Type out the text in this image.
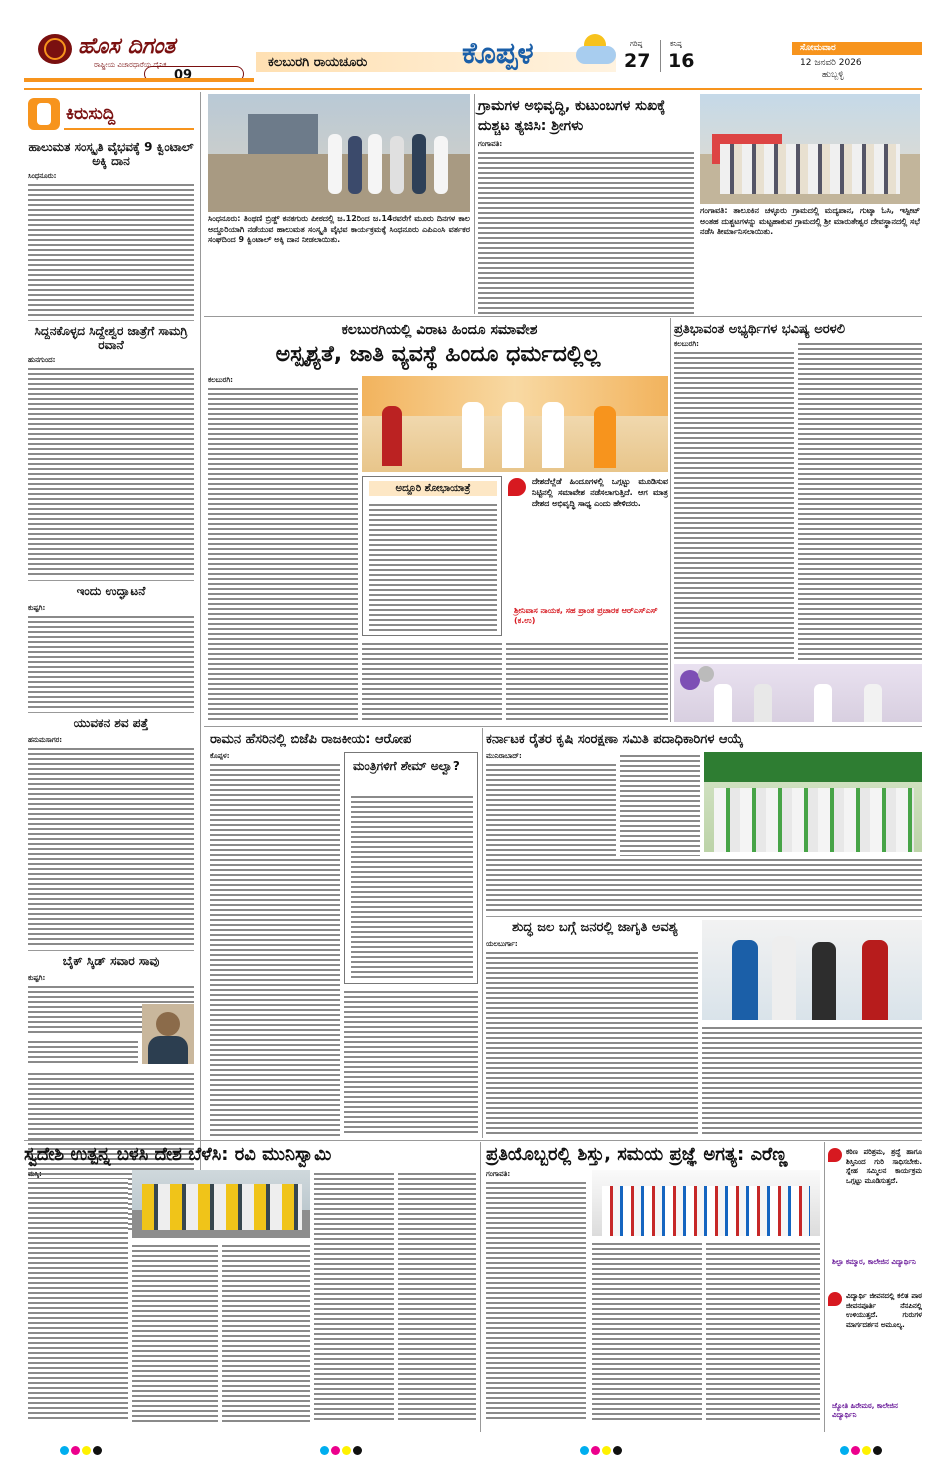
ಹೊಸ ದಿಗಂತ
ರಾಷ್ಟ್ರೀಯ ವಿಚಾರಧಾರೆಯ ದೈನಿಕ
09
ಕಲಬುರಗಿ ರಾಯಚೂರು	ಕೊಪ್ಪಳ	ಗರಿಷ್ಠ
27
ಕನಿಷ್ಠ
16
ಸೋಮವಾರ
12 ಜನವರಿ 2026
ಹುಬ್ಬಳ್ಳಿ
ಕಿರುಸುದ್ದಿ
ಹಾಲುಮತ ಸಂಸ್ಕೃತಿ ವೈಭವಕ್ಕೆ 9 ಕ್ವಿಂಟಾಲ್ ಅಕ್ಕಿ ದಾನ
ಸಿಂಧನೂರು:
ಸಿದ್ದನಕೊಳ್ಳದ ಸಿದ್ದೇಶ್ವರ ಜಾತ್ರೆಗೆ ಸಾಮಗ್ರಿ ರವಾನೆ
ಹುನಗುಂದ:
ಇಂದು ಉದ್ಘಾಟನೆ
ಕುಷ್ಟಗಿ:
ಯುವಕನ ಶವ ಪತ್ತೆ
ಹನುಮಸಾಗರ:
ಬೈಕ್ ಸ್ಕಿಡ್ ಸವಾರ ಸಾವು
ಕುಷ್ಟಗಿ:
ಸಿಂಧನೂರು: ತಿಂಥಣಿ ಬ್ರಿಡ್ಜ್ ಕನಕಗುರು ಪೀಠದಲ್ಲಿ ಜ.12ರಿಂದ ಜ.14ರವರೆಗೆ ಮೂರು ದಿನಗಳ ಕಾಲ ಅದ್ದೂರಿಯಾಗಿ ನಡೆಯುವ ಹಾಲುಮತ ಸಂಸ್ಕೃತಿ ವೈಭವ ಕಾರ್ಯಕ್ರಮಕ್ಕೆ ಸಿಂಧನೂರು ಎಪಿಎಂಸಿ ವರ್ತಕರ ಸಂಘದಿಂದ 9 ಕ್ವಿಂಟಾಲ್ ಅಕ್ಕಿ ದಾನ ನೀಡಲಾಯಿತು.
ಗ್ರಾಮಗಳ ಅಭಿವೃದ್ಧಿ, ಕುಟುಂಬಗಳ ಸುಖಕ್ಕೆ ದುಶ್ಚಟ ತ್ಯಜಿಸಿ: ಶ್ರೀಗಳು
ಗಂಗಾವತಿ:
ಗಂಗಾವತಿ: ತಾಲೂಕಿನ ಚಳ್ಳೂರು ಗ್ರಾಮದಲ್ಲಿ ಮದ್ಯಪಾನ, ಗುಟ್ಕಾ ಓಸಿ, ಇಸ್ಪೀಟ್ ಅಂತಹ ದುಶ್ಚಟಗಳನ್ನು ಮಟ್ಟಹಾಕುವ ಗ್ರಾಮದಲ್ಲಿ ಶ್ರೀ ಮಾರುತೇಶ್ವರ ದೇವಸ್ಥಾನದಲ್ಲಿ ಸಭೆ ನಡೆಸಿ ತೀರ್ಮಾನಿಸಲಾಯಿತು.
ಕಲಬುರಗಿಯಲ್ಲಿ ವಿರಾಟ ಹಿಂದೂ ಸಮಾವೇಶ
ಅಸ್ಪೃಶ್ಯತೆ, ಜಾತಿ ವ್ಯವಸ್ಥೆ ಹಿಂದೂ ಧರ್ಮದಲ್ಲಿಲ್ಲ
ಕಲಬುರಗಿ:
ಅದ್ದೂರಿ ಶೋಭಾಯಾತ್ರೆ
ದೇಶದೆಲ್ಲೆಡೆ ಹಿಂದೂಗಳಲ್ಲಿ ಒಗ್ಗಟ್ಟು ಮೂಡಿಸುವ ನಿಟ್ಟಿನಲ್ಲಿ ಸಮಾವೇಶ ನಡೆಸಲಾಗುತ್ತಿದೆ. ಆಗ ಮಾತ್ರ ದೇಶದ ಅಭಿವೃದ್ಧಿ ಸಾಧ್ಯ ಎಂದು ಹೇಳಿದರು.
ಶ್ರೀನಿವಾಸ ನಾಯಕ, ಸಹ ಪ್ರಾಂತ ಪ್ರಚಾರಕ ಆರ್‌ಎಸ್‌ಎಸ್ (ಕ.ಉ)
ಪ್ರತಿಭಾವಂತ ಅಭ್ಯರ್ಥಿಗಳ ಭವಿಷ್ಯ ಅರಳಲಿ
ಕಲಬುರಗಿ:
ರಾಮನ ಹೆಸರಿನಲ್ಲಿ ಬಿಜೆಪಿ ರಾಜಕೀಯ: ಆರೋಪ
ಕೊಪ್ಪಳ:
ಮಂತ್ರಿಗಳಿಗೆ ಶೇಮ್ ಅಲ್ವಾ?
ಕರ್ನಾಟಕ ರೈತರ ಕೃಷಿ ಸಂರಕ್ಷಣಾ ಸಮಿತಿ ಪದಾಧಿಕಾರಿಗಳ ಆಯ್ಕೆ
ಮುನಿರಾಬಾದ್:
ಶುದ್ಧ ಜಲ ಬಗ್ಗೆ ಜನರಲ್ಲಿ ಜಾಗೃತಿ ಅವಶ್ಯ
ಯಲಬುರ್ಗಾ:
ಸ್ವದೇಶಿ ಉತ್ಪನ್ನ ಬಳಸಿ ದೇಶ ಬೆಳೆಸಿ: ರವಿ ಮುನಿಸ್ವಾಮಿ
ಮಸ್ಕಿ:
ಪ್ರತಿಯೊಬ್ಬರಲ್ಲಿ ಶಿಸ್ತು, ಸಮಯ ಪ್ರಜ್ಞೆ ಅಗತ್ಯ: ಎರೆಣ್ಣ
ಗಂಗಾವತಿ:
ಕಠಿಣ ಪರಿಶ್ರಮ, ಶ್ರದ್ಧೆ ಹಾಗೂ ಶಿಸ್ತಿನಿಂದ ಗುರಿ ಸಾಧಿಸಬೇಕು. ಸ್ನೇಹ ಸಮ್ಮಿಲನ ಕಾರ್ಯಕ್ರಮ ಒಗ್ಗಟ್ಟು ಮೂಡಿಸುತ್ತದೆ.
ಶಿಲ್ಪಾ ಕಮ್ಮಾರ, ಕಾಲೇಜಿನ ವಿದ್ಯಾರ್ಥಿನಿ
ವಿದ್ಯಾರ್ಥಿ ಜೀವನದಲ್ಲಿ ಕಲಿತ ಪಾಠ ಜೀವನಪೂರ್ತಿ ನೆನಪಿನಲ್ಲಿ ಉಳಿಯುತ್ತದೆ. ಗುರುಗಳ ಮಾರ್ಗದರ್ಶನ ಅಮೂಲ್ಯ.
ಜ್ಯೋತಿ ಹಿರೇಮಠ, ಕಾಲೇಜಿನ ವಿದ್ಯಾರ್ಥಿನಿ
